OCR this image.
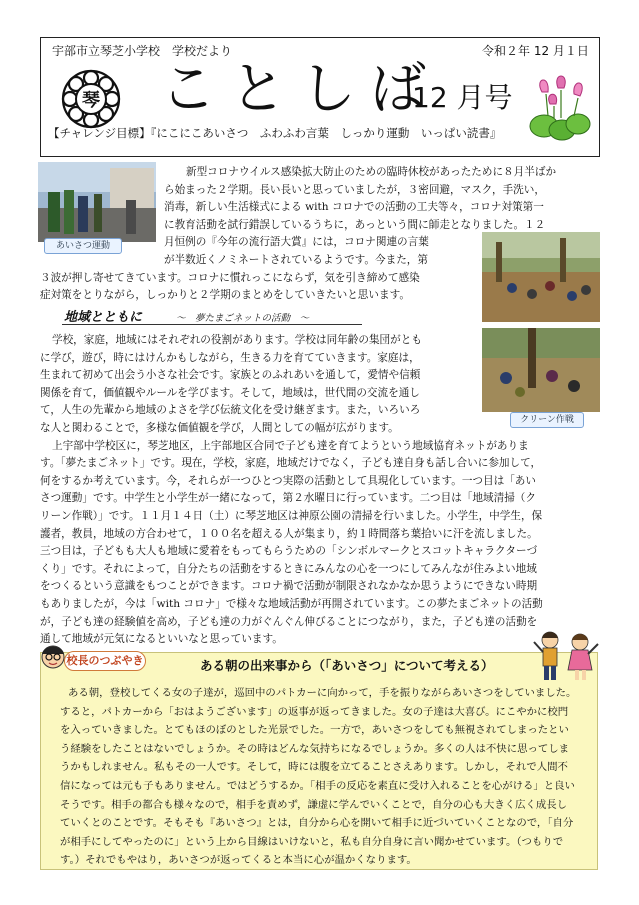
宇部市立琴芝小学校　学校だより	令和２年 12 月１日
琴 ことしば
12 月号
【チャレンジ目標】『にこにこあいさつ　ふわふわ言葉　しっかり運動　いっぱい読書』
あいさつ運動
クリーン作戦
新型コロナウイルス感染拡大防止のための臨時休校があったために８月半ばか
ら始まった２学期。長い長いと思っていましたが，３密回避，マスク，手洗い，
消毒，新しい生活様式による with コロナでの活動の工夫等々，コロナ対策第一
に教育活動を試行錯誤しているうちに，あっという間に師走となりました。１２
月恒例の『今年の流行語大賞』には，コロナ関連の言葉
が半数近くノミネートされているようです。今また，第
３波が押し寄せてきています。コロナに慣れっこにならず，気を引き締めて感染
症対策をとりながら，しっかりと２学期のまとめをしていきたいと思います。
地域とともに	～　夢たまごネットの活動　～
学校，家庭，地域にはそれぞれの役割があります。学校は同年齢の集団がとも
に学び，遊び，時にはけんかもしながら，生きる力を育てていきます。家庭は，
生まれて初めて出会う小さな社会です。家族とのふれあいを通して，愛情や信頼
関係を育て，価値観やルールを学びます。そして，地域は，世代間の交流を通し
て，人生の先輩から地域のよさを学び伝統文化を受け継ぎます。また，いろいろ
な人と関わることで，多様な価値観を学び，人間としての幅が広がります。
上宇部中学校区に，琴芝地区，上宇部地区合同で子ども達を育てようという地域協育ネットがありま
す。「夢たまごネット」です。現在，学校，家庭，地域だけでなく，子ども達自身も話し合いに参加して，
何をするか考えています。今，それらが一つひとつ実際の活動として具現化しています。一つ目は「あい
さつ運動」です。中学生と小学生が一緒になって，第２水曜日に行っています。二つ目は「地域清掃（ク
リーン作戦）」です。１１月１４日（土）に琴芝地区は神原公園の清掃を行いました。小学生，中学生，保
護者，教員，地域の方合わせて，１００名を超える人が集まり，約１時間落ち葉拾いに汗を流しました。
三つ目は，子どもも大人も地域に愛着をもってもらうための「シンボルマークとスコットキャラクターづ
くり」です。それによって，自分たちの活動をするときにみんなの心を一つにしてみんなが住みよい地域
をつくるという意識をもつことができます。コロナ禍で活動が制限されなかなか思うようにできない時期
もありましたが，今は「with コロナ」で様々な地域活動が再開されています。この夢たまごネットの活動
が，子ども達の経験値を高め，子ども達の力がぐんぐん伸びることにつながり，また，子ども達の活動を
通して地域が元気になるといいなと思っています。
校長のつぶやき	ある朝の出来事から（「あいさつ」について考える）
ある朝，登校してくる女の子達が，巡回中のパトカーに向かって，手を振りながらあいさつをしていました。
すると，パトカーから「おはようございます」の返事が返ってきました。女の子達は大喜び。にこやかに校門
を入っていきました。とてもほのぼのとした光景でした。一方で，あいさつをしても無視されてしまったとい
う経験をしたことはないでしょうか。その時はどんな気持ちになるでしょうか。多くの人は不快に思ってしま
うかもしれません。私もその一人です。そして，時には腹を立てることさえあります。しかし，それで人間不
信になっては元も子もありません。ではどうするか。「相手の反応を素直に受け入れることを心がける」と良い
そうです。相手の都合も様々なので，相手を責めず，謙虚に学んでいくことで，自分の心も大きく広く成長し
ていくとのことです。そもそも『あいさつ』とは，自分から心を開いて相手に近づいていくことなので，「自分
が相手にしてやったのに」という上から目線はいけないと，私も自分自身に言い聞かせています。（つもりで
す。）それでもやはり，あいさつが返ってくると本当に心が温かくなります。
